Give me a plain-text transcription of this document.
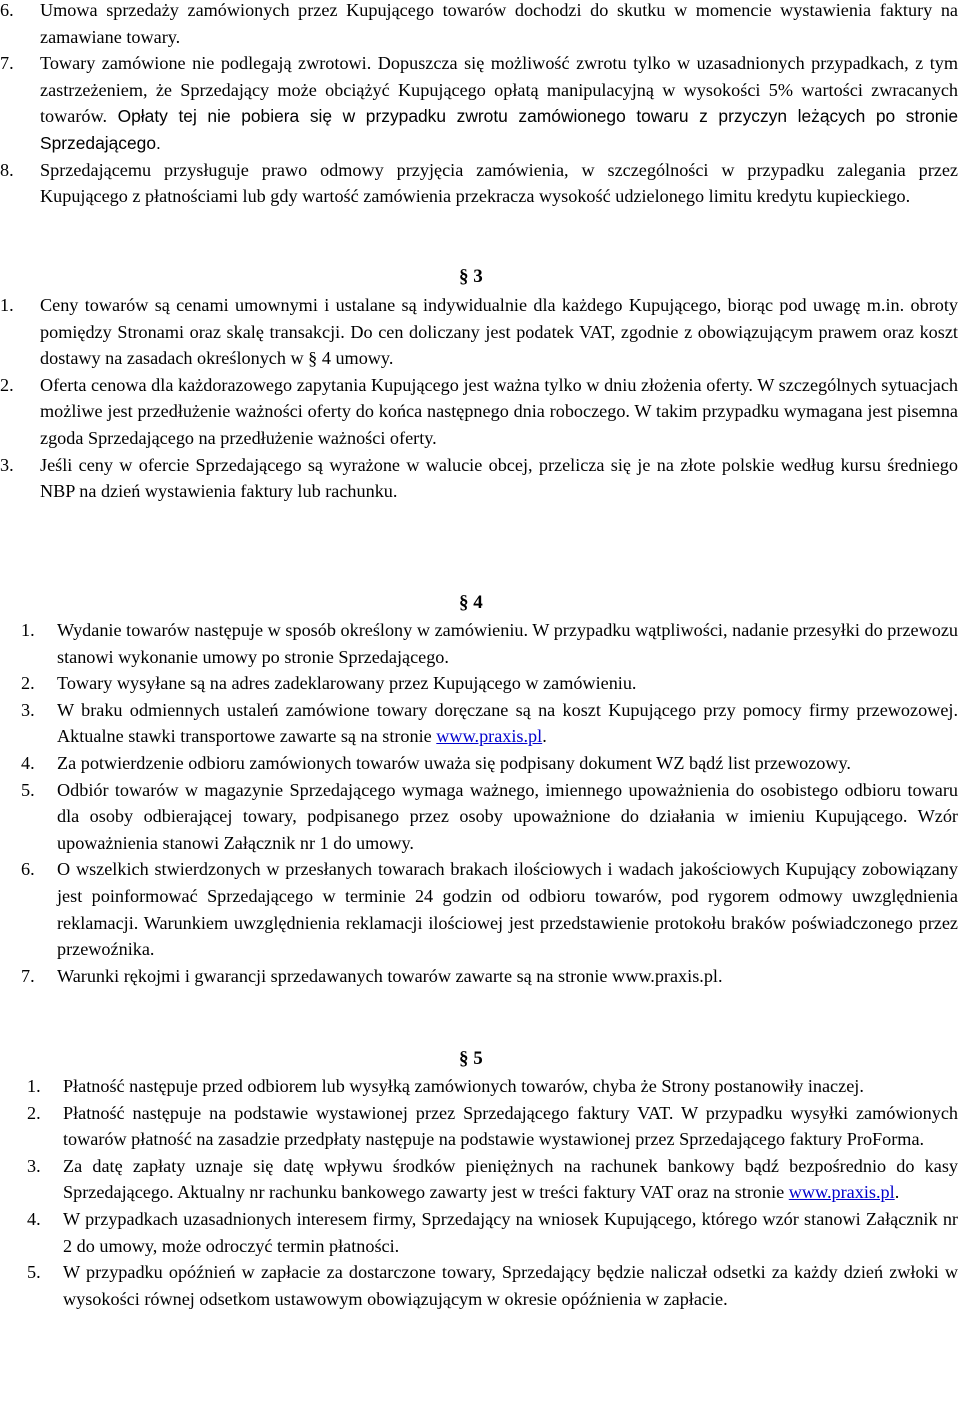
6. Umowa sprzedaży zamówionych przez Kupującego towarów dochodzi do skutku w momencie wystawienia faktury na zamawiane towary.
7. Towary zamówione nie podlegają zwrotowi. Dopuszcza się możliwość zwrotu tylko w uzasadnionych przypadkach, z tym zastrzeżeniem, że Sprzedający może obciążyć Kupującego opłatą manipulacyjną w wysokości 5% wartości zwracanych towarów. Opłaty tej nie pobiera się w przypadku zwrotu zamówionego towaru z przyczyn leżących po stronie Sprzedającego.
8. Sprzedającemu przysługuje prawo odmowy przyjęcia zamówienia, w szczególności w przypadku zalegania przez Kupującego z płatnościami lub gdy wartość zamówienia przekracza wysokość udzielonego limitu kredytu kupieckiego.
§ 3
1. Ceny towarów są cenami umownymi i ustalane są indywidualnie dla każdego Kupującego, biorąc pod uwagę m.in. obroty pomiędzy Stronami oraz skalę transakcji. Do cen doliczany jest podatek VAT, zgodnie z obowiązującym prawem oraz koszt dostawy na zasadach określonych w § 4 umowy.
2. Oferta cenowa dla każdorazowego zapytania Kupującego jest ważna tylko w dniu złożenia oferty. W szczególnych sytuacjach możliwe jest przedłużenie ważności oferty do końca następnego dnia roboczego. W takim przypadku wymagana jest pisemna zgoda Sprzedającego na przedłużenie ważności oferty.
3. Jeśli ceny w ofercie Sprzedającego są wyrażone w walucie obcej, przelicza się je na złote polskie według kursu średniego NBP na dzień wystawienia faktury lub rachunku.
§ 4
1. Wydanie towarów następuje w sposób określony w zamówieniu. W przypadku wątpliwości, nadanie przesyłki do przewozu stanowi wykonanie umowy po stronie Sprzedającego.
2. Towary wysyłane są na adres zadeklarowany przez Kupującego w zamówieniu.
3. W braku odmiennych ustaleń zamówione towary doręczane są na koszt Kupującego przy pomocy firmy przewozowej. Aktualne stawki transportowe zawarte są na stronie www.praxis.pl.
4. Za potwierdzenie odbioru zamówionych towarów uważa się podpisany dokument WZ bądź list przewozowy.
5. Odbiór towarów w magazynie Sprzedającego wymaga ważnego, imiennego upoważnienia do osobistego odbioru towaru dla osoby odbierającej towary, podpisanego przez osoby upoważnione do działania w imieniu Kupującego. Wzór upoważnienia stanowi Załącznik nr 1 do umowy.
6. O wszelkich stwierdzonych w przesłanych towarach brakach ilościowych i wadach jakościowych Kupujący zobowiązany jest poinformować Sprzedającego w terminie 24 godzin od odbioru towarów, pod rygorem odmowy uwzględnienia reklamacji. Warunkiem uwzględnienia reklamacji ilościowej jest przedstawienie protokołu braków poświadczonego przez przewoźnika.
7. Warunki rękojmi i gwarancji sprzedawanych towarów zawarte są na stronie www.praxis.pl.
§ 5
1. Płatność następuje przed odbiorem lub wysyłką zamówionych towarów, chyba że Strony postanowiły inaczej.
2. Płatność następuje na podstawie wystawionej przez Sprzedającego faktury VAT. W przypadku wysyłki zamówionych towarów płatność na zasadzie przedpłaty następuje na podstawie wystawionej przez Sprzedającego faktury ProForma.
3. Za datę zapłaty uznaje się datę wpływu środków pieniężnych na rachunek bankowy bądź bezpośrednio do kasy Sprzedającego. Aktualny nr rachunku bankowego zawarty jest w treści faktury VAT oraz na stronie www.praxis.pl.
4. W przypadkach uzasadnionych interesem firmy, Sprzedający na wniosek Kupującego, którego wzór stanowi Załącznik nr 2 do umowy, może odroczyć termin płatności.
5. W przypadku opóźnień w zapłacie za dostarczone towary, Sprzedający będzie naliczał odsetki za każdy dzień zwłoki w wysokości równej odsetkom ustawowym obowiązującym w okresie opóźnienia w zapłacie.
